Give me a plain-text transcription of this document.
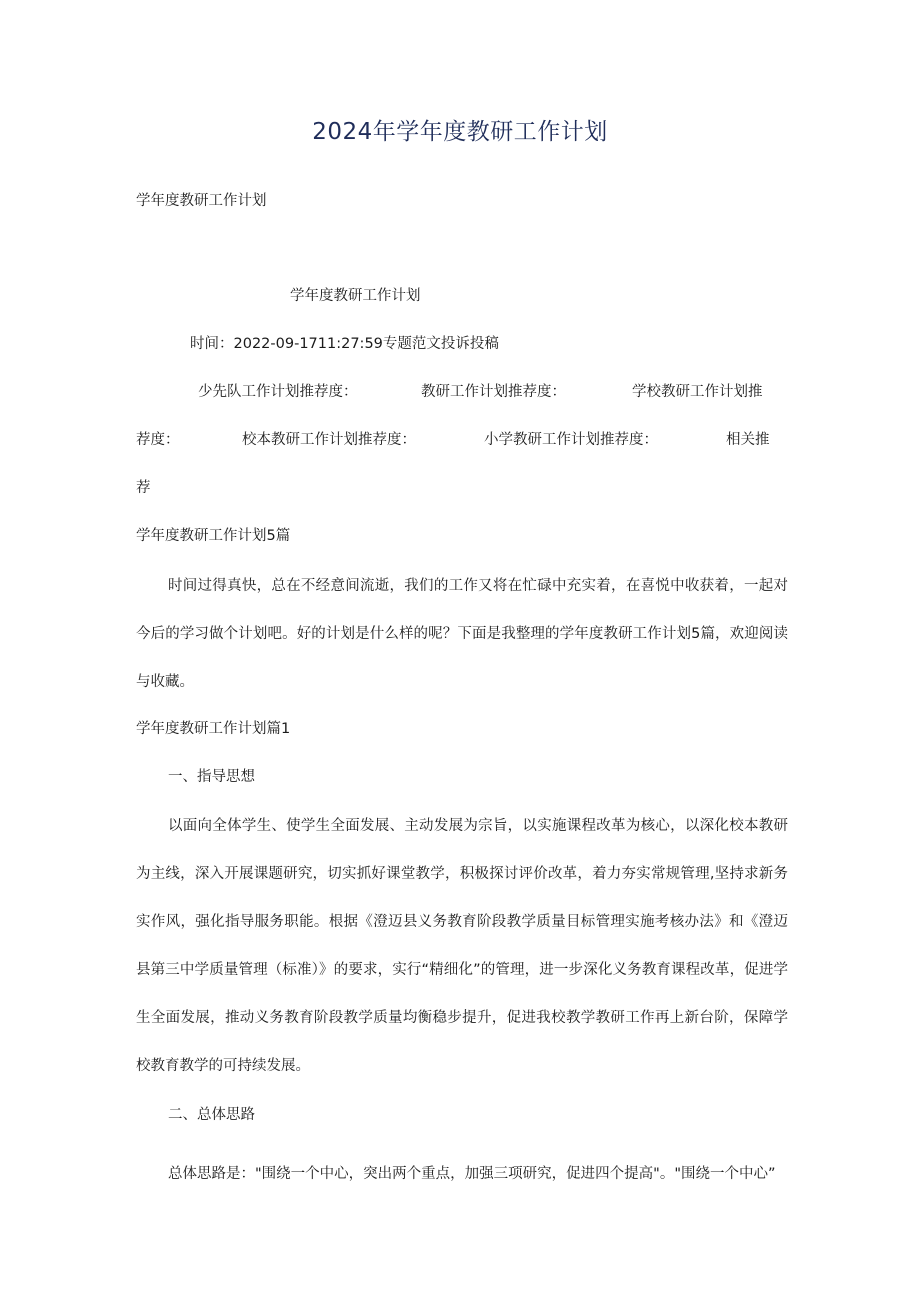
2024年学年度教研工作计划
学年度教研工作计划
学年度教研工作计划
时间：2022-09-1711:27:59专题范文投诉投稿
少先队工作计划推荐度：	教研工作计划推荐度：	学校教研工作计划推
荐度：	校本教研工作计划推荐度：	小学教研工作计划推荐度：	相关推
荐
学年度教研工作计划5篇
时间过得真快，总在不经意间流逝，我们的工作又将在忙碌中充实着，在喜悦中收获着，一起对今后的学习做个计划吧。好的计划是什么样的呢？下面是我整理的学年度教研工作计划5篇，欢迎阅读与收藏。
学年度教研工作计划篇1
一、指导思想
以面向全体学生、使学生全面发展、主动发展为宗旨，以实施课程改革为核心，以深化校本教研为主线，深入开展课题研究，切实抓好课堂教学，积极探讨评价改革，着力夯实常规管理,坚持求新务实作风，强化指导服务职能。根据《澄迈县义务教育阶段教学质量目标管理实施考核办法》和《澄迈县第三中学质量管理（标准）》的要求，实行“精细化”的管理，进一步深化义务教育课程改革，促进学生全面发展，推动义务教育阶段教学质量均衡稳步提升，促进我校教学教研工作再上新台阶，保障学校教育教学的可持续发展。
二、总体思路
总体思路是："围绕一个中心，突出两个重点，加强三项研究，促进四个提高"。"围绕一个中心”
